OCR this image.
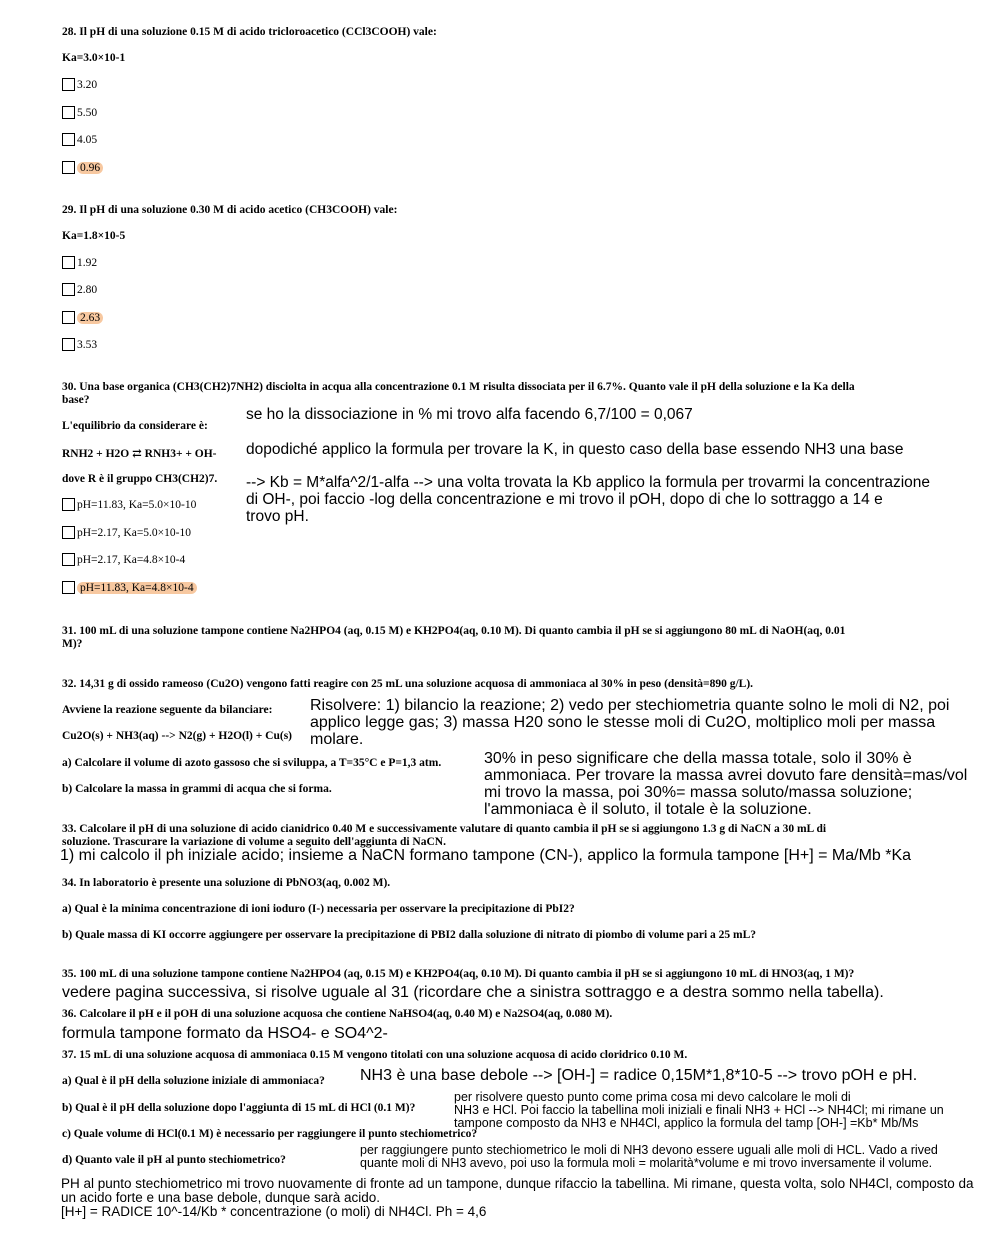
28. Il pH di una soluzione 0.15 M di acido tricloroacetico (CCl3COOH) vale:
Ka=3.0×10-1
3.20
5.50
4.05
0.96
29. Il pH di una soluzione 0.30 M di acido acetico (CH3COOH) vale:
Ka=1.8×10-5
1.92
2.80
2.63
3.53
30. Una base organica (CH3(CH2)7NH2) disciolta in acqua alla concentrazione 0.1 M risulta dissociata per il 6.7%. Quanto vale il pH della soluzione e la Ka della
base?
L'equilibrio da considerare è:
RNH2 + H2O ⇄ RNH3+ + OH-
dove R è il gruppo CH3(CH2)7.
pH=11.83, Ka=5.0×10-10
pH=2.17, Ka=5.0×10-10
pH=2.17, Ka=4.8×10-4
pH=11.83, Ka=4.8×10-4
se ho la dissociazione in % mi trovo alfa facendo 6,7/100 = 0,067
dopodiché applico la formula per trovare la K, in questo caso della base essendo NH3 una base
--> Kb = M*alfa^2/1-alfa --> una volta trovata la Kb applico la formula per trovarmi la concentrazione
di OH-, poi faccio -log della concentrazione e mi trovo il pOH, dopo di che lo sottraggo a 14 e
trovo pH.
31. 100 mL di una soluzione tampone contiene Na2HPO4 (aq, 0.15 M) e KH2PO4(aq, 0.10 M). Di quanto cambia il pH se si aggiungono 80 mL di NaOH(aq, 0.01
M)?
32. 14,31 g di ossido rameoso (Cu2O) vengono fatti reagire con 25 mL una soluzione acquosa di ammoniaca al 30% in peso (densità=890 g/L).
Avviene la reazione seguente da bilanciare:
Cu2O(s) + NH3(aq) --> N2(g) + H2O(l) + Cu(s)
a) Calcolare il volume di azoto gassoso che si sviluppa, a T=35°C e P=1,3 atm.
b) Calcolare la massa in grammi di acqua che si forma.
Risolvere: 1) bilancio la reazione; 2) vedo per stechiometria quante solno le moli di N2, poi
applico legge gas; 3) massa H20 sono le stesse moli di Cu2O, moltiplico moli per massa
molare.
30% in peso significare che della massa totale, solo il 30% è
ammoniaca. Per trovare la massa avrei dovuto fare densità=mas/vol
mi trovo la massa, poi 30%= massa soluto/massa soluzione;
l'ammoniaca è il soluto, il totale è la soluzione.
33. Calcolare il pH di una soluzione di acido cianidrico 0.40 M e successivamente valutare di quanto cambia il pH se si aggiungono 1.3 g di NaCN a 30 mL di
soluzione. Trascurare la variazione di volume a seguito dell'aggiunta di NaCN.
1) mi calcolo il ph iniziale acido; insieme a NaCN formano tampone (CN-), applico la formula tampone [H+] = Ma/Mb *Ka
34. In laboratorio è presente una soluzione di PbNO3(aq, 0.002 M).
a) Qual è la minima concentrazione di ioni ioduro (I-) necessaria per osservare la precipitazione di PbI2?
b) Quale massa di KI occorre aggiungere per osservare la precipitazione di PBI2 dalla soluzione di nitrato di piombo di volume pari a 25 mL?
35. 100 mL di una soluzione tampone contiene Na2HPO4 (aq, 0.15 M) e KH2PO4(aq, 0.10 M). Di quanto cambia il pH se si aggiungono 10 mL di HNO3(aq, 1 M)?
vedere pagina successiva, si risolve uguale al 31 (ricordare che a sinistra sottraggo e a destra sommo nella tabella).
36. Calcolare il pH e il pOH di una soluzione acquosa che contiene NaHSO4(aq, 0.40 M) e Na2SO4(aq, 0.080 M).
formula tampone formato da HSO4- e SO4^2-
37. 15 mL di una soluzione acquosa di ammoniaca 0.15 M vengono titolati con una soluzione acquosa di acido cloridrico 0.10 M.
a) Qual è il pH della soluzione iniziale di ammoniaca?
b) Qual è il pH della soluzione dopo l'aggiunta di 15 mL di HCl (0.1 M)?
c) Quale volume di HCl(0.1 M) è necessario per raggiungere il punto stechiometrico?
d) Quanto vale il pH al punto stechiometrico?
NH3 è una base debole --> [OH-] = radice 0,15M*1,8*10-5 --> trovo pOH e pH.
per risolvere questo punto come prima cosa mi devo calcolare le moli di
NH3 e HCl. Poi faccio la tabellina moli iniziali e finali NH3 + HCl --> NH4Cl; mi rimane un
tampone composto da NH3 e NH4Cl, applico la formula del tamp [OH-] =Kb* Mb/Ms
per raggiungere punto stechiometrico le moli di NH3 devono essere uguali alle moli di HCL. Vado a rived
quante moli di NH3 avevo, poi uso la formula moli = molarità*volume e mi trovo inversamente il volume.
PH al punto stechiometrico mi trovo nuovamente di fronte ad un tampone, dunque rifaccio la tabellina. Mi rimane, questa volta, solo NH4Cl, composto da
un acido forte e una base debole, dunque sarà acido.
[H+] = RADICE 10^-14/Kb * concentrazione (o moli) di NH4Cl. Ph = 4,6
